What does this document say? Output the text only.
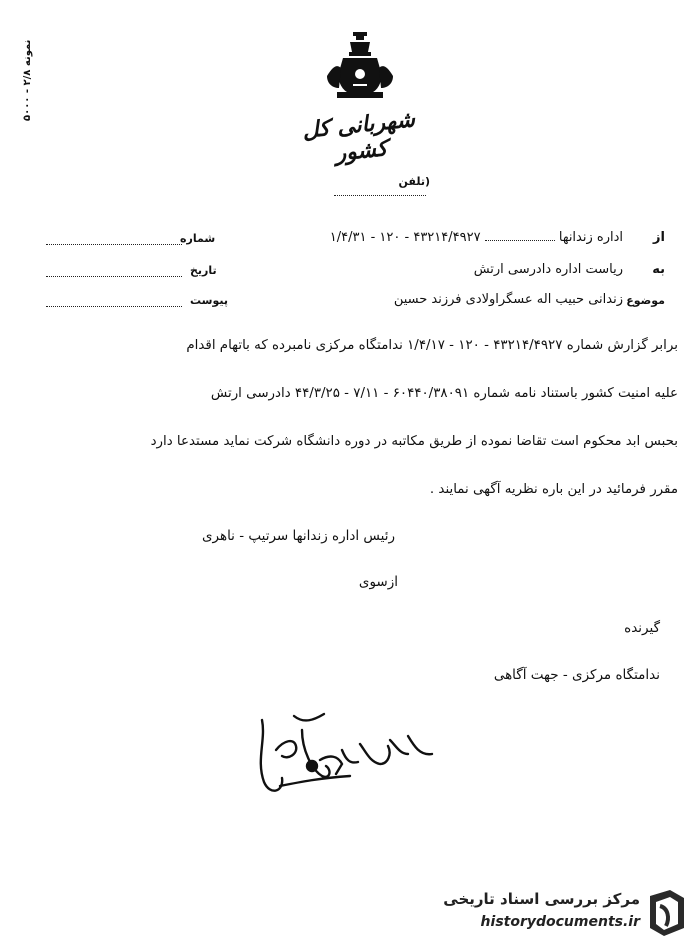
نمونه ۲/۸ - ۵۰۰۰
شهربانی کل کشور
(تلفن
از
اداره زندانها  ۴۳۲۱۴/۴۹۲۷ - ۱۲۰ - ۱/۴/۳۱
شماره
به
ریاست اداره دادرسی ارتش
تاریخ
موضوع
زندانی حبیب اله عسگراولادی فرزند حسین
پیوست
برابر گزارش شماره ۴۳۲۱۴/۴۹۲۷ - ۱۲۰ - ۱/۴/۱۷ ندامتگاه مرکزی نامبرده که باتهام اقدام
علیه امنیت کشور باستناد نامه شماره ۶۰۴۴۰/۳۸۰۹۱ - ۷/۱۱ - ۴۴/۳/۲۵ دادرسی ارتش
بحبس ابد محکوم است تقاضا نموده از طریق مکاتبه در دوره دانشگاه شرکت نماید مستدعا دارد
مقرر فرمائید در این باره نظریه آگهی نمایند .
رئیس اداره زندانها سرتیپ - ناهری
ازسوی
گیرنده
ندامتگاه مرکزی - جهت آگاهی
مرکز بررسی اسناد تاریخی
historydocuments.ir
